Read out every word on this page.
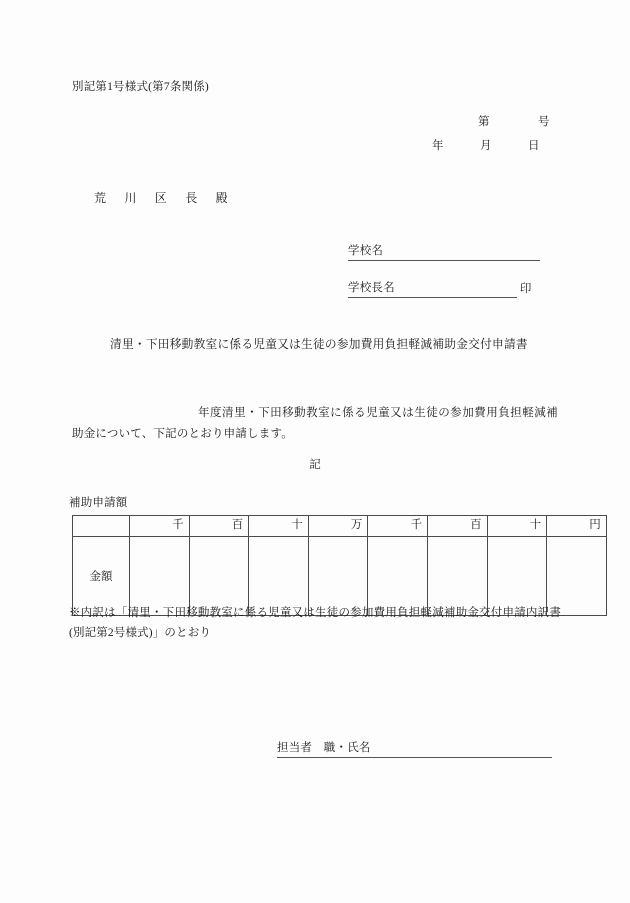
別記第1号様式(第7条関係)
第　　　　号
年　　　月　　　日
荒　川　区　長　殿
学校名
学校長名	印
清里・下田移動教室に係る児童又は生徒の参加費用負担軽減補助金交付申請書
　　　　　年度清里・下田移動教室に係る児童又は生徒の参加費用負担軽減補助金について、下記のとおり申請します。
記
補助申請額
	千	百	十	万	千	百	十	円
金額								
※内訳は「清里・下田移動教室に係る児童又は生徒の参加費用負担軽減補助金交付申請内訳書(別記第2号様式)」のとおり
担当者　職・氏名
